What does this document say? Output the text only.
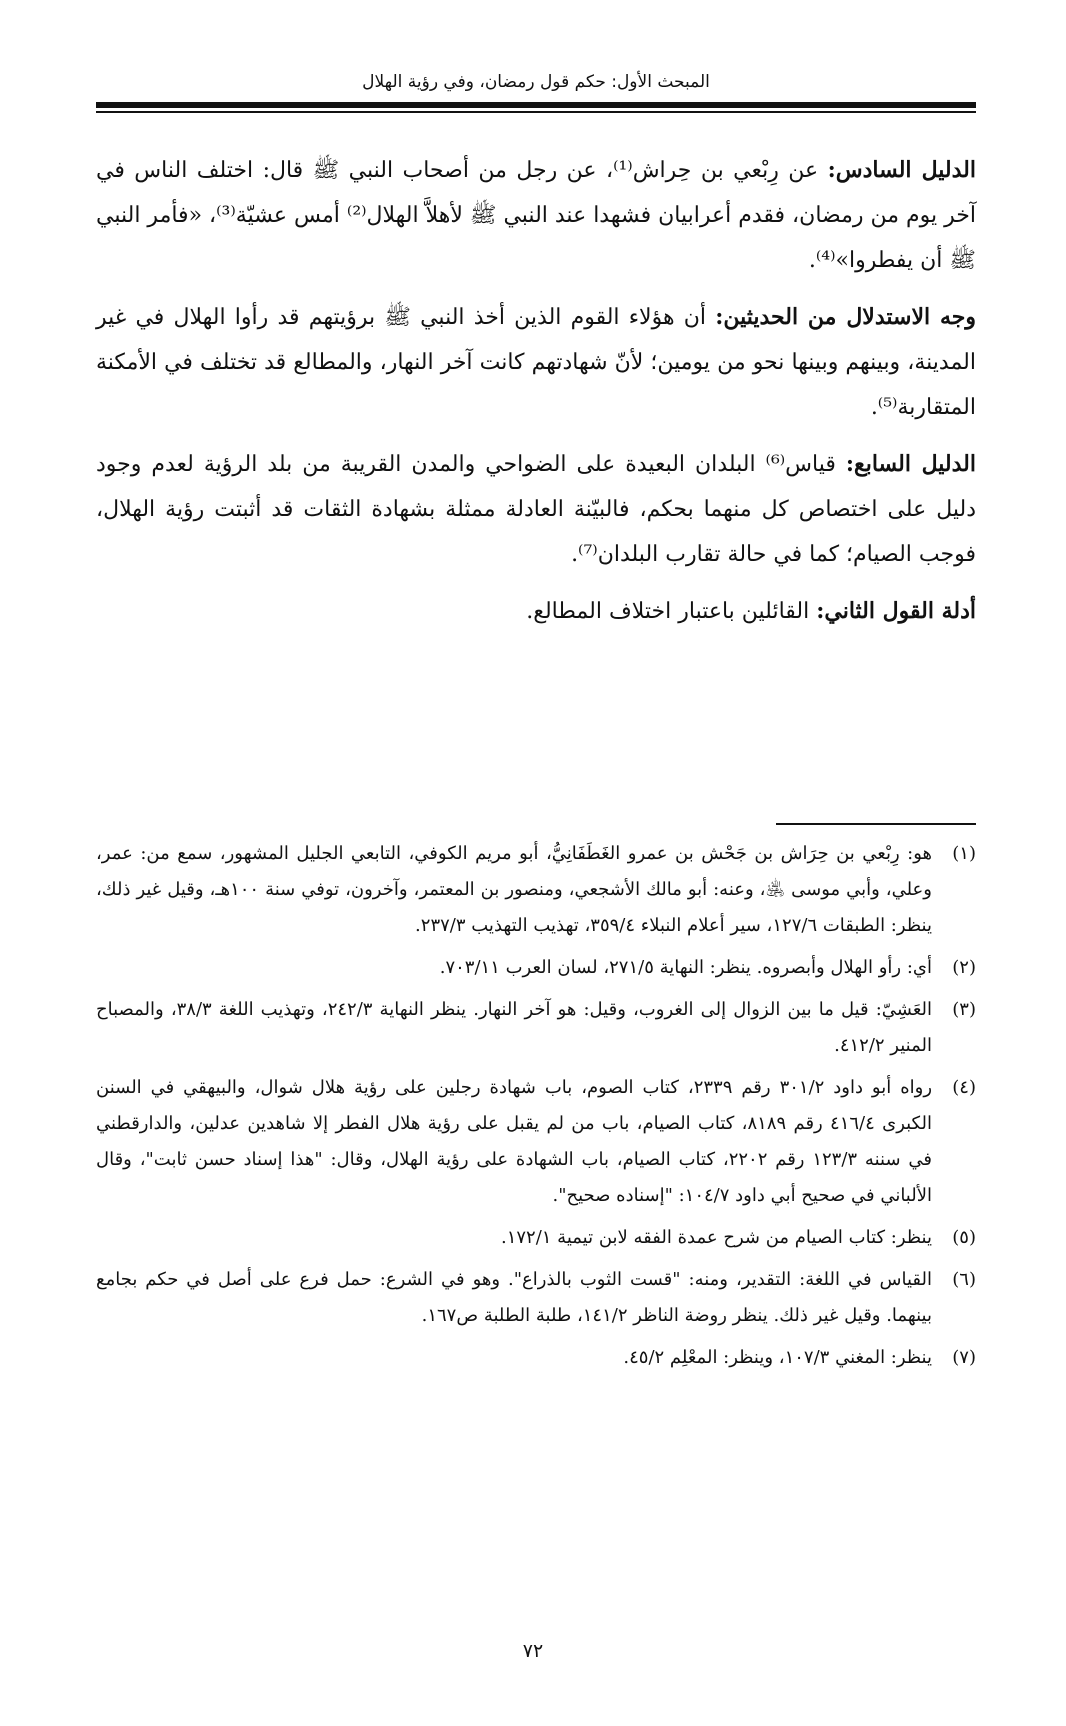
المبحث الأول: حكم قول رمضان، وفي رؤية الهلال

الدليل السادس: عن رِبْعي بن حِراش⁽¹⁾، عن رجل من أصحاب النبي ﷺ قال: اختلف الناس في آخر يوم من رمضان، فقدم أعرابيان فشهدا عند النبي ﷺ لأهلاَّ الهلال⁽²⁾ أمس عشيّة⁽³⁾، «فأمر النبي ﷺ أن يفطروا»⁽⁴⁾.

وجه الاستدلال من الحديثين: أن هؤلاء القوم الذين أخذ النبي ﷺ برؤيتهم قد رأوا الهلال في غير المدينة، وبينهم وبينها نحو من يومين؛ لأنّ شهادتهم كانت آخر النهار، والمطالع قد تختلف في الأمكنة المتقاربة⁽⁵⁾.

الدليل السابع: قياس⁽⁶⁾ البلدان البعيدة على الضواحي والمدن القريبة من بلد الرؤية لعدم وجود دليل على اختصاص كل منهما بحكم، فالبيّنة العادلة ممثلة بشهادة الثقات قد أثبتت رؤية الهلال، فوجب الصيام؛ كما في حالة تقارب البلدان⁽⁷⁾.

أدلة القول الثاني: القائلين باعتبار اختلاف المطالع.

(١)
هو: رِبْعي بن حِرَاش بن جَحْش بن عمرو الغَطَفَانِيُّ، أبو مريم الكوفي، التابعي الجليل المشهور، سمع من: عمر، وعلي، وأبي موسى ﵁، وعنه: أبو مالك الأشجعي، ومنصور بن المعتمر، وآخرون، توفي سنة ١٠٠هـ، وقيل غير ذلك، ينظر: الطبقات ١٢٧/٦، سير أعلام النبلاء ٣٥٩/٤، تهذيب التهذيب ٢٣٧/٣.
(٢)
أي: رأو الهلال وأبصروه. ينظر: النهاية ٢٧١/٥، لسان العرب ٧٠٣/١١.
(٣)
العَشِيّ: قيل ما بين الزوال إلى الغروب، وقيل: هو آخر النهار. ينظر النهاية ٢٤٢/٣، وتهذيب اللغة ٣٨/٣، والمصباح المنير ٤١٢/٢.
(٤)
رواه أبو داود ٣٠١/٢ رقم ٢٣٣٩، كتاب الصوم، باب شهادة رجلين على رؤية هلال شوال، والبيهقي في السنن الكبرى ٤١٦/٤ رقم ٨١٨٩، كتاب الصيام، باب من لم يقبل على رؤية هلال الفطر إلا شاهدين عدلين، والدارقطني في سننه ١٢٣/٣ رقم ٢٢٠٢، كتاب الصيام، باب الشهادة على رؤية الهلال، وقال: "هذا إسناد حسن ثابت"، وقال الألباني في صحيح أبي داود ١٠٤/٧: "إسناده صحيح".
(٥)
ينظر: كتاب الصيام من شرح عمدة الفقه لابن تيمية ١٧٢/١.
(٦)
القياس في اللغة: التقدير، ومنه: "قست الثوب بالذراع". وهو في الشرع: حمل فرع على أصل في حكم بجامع بينهما. وقيل غير ذلك. ينظر روضة الناظر ١٤١/٢، طلبة الطلبة ص١٦٧.
(٧)
ينظر: المغني ١٠٧/٣، وينظر: المعْلِم ٤٥/٢.
٧٢
